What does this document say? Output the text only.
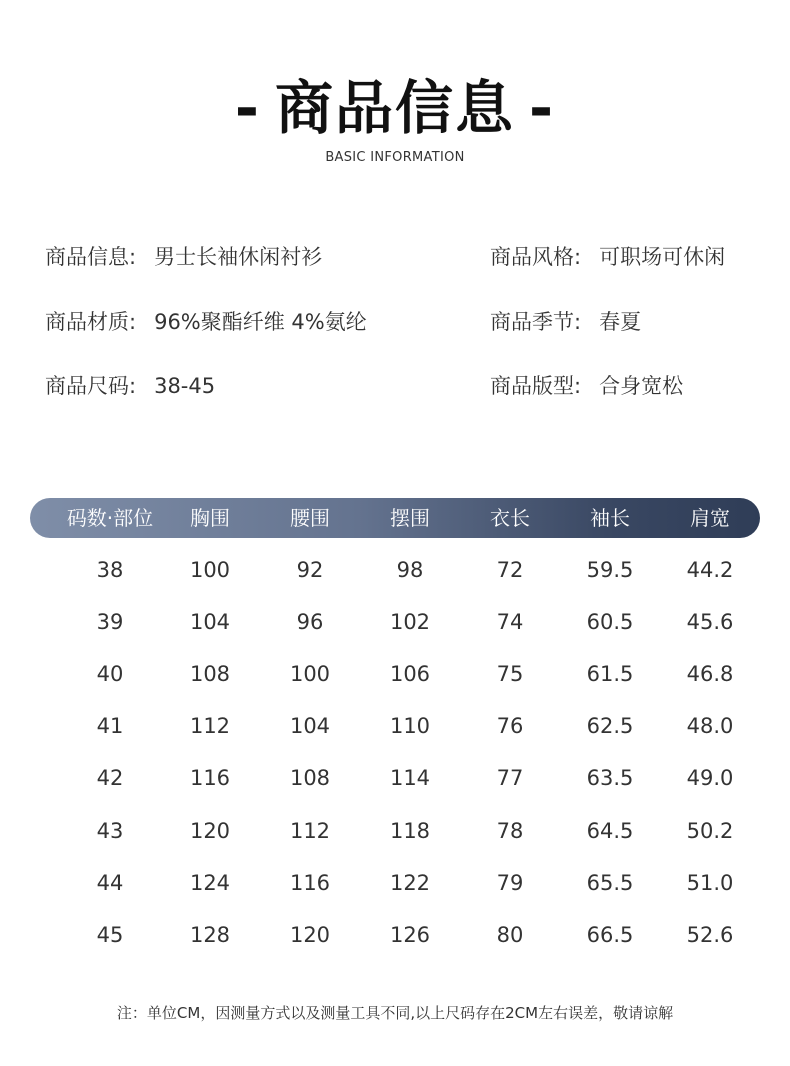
- 商品信息 -
BASIC INFORMATION
商品信息: 男士长袖休闲衬衫	商品风格: 可职场可休闲
商品材质: 96%聚酯纤维 4%氨纶	商品季节: 春夏
商品尺码: 38-45	商品版型: 合身宽松
码数·部位	胸围	腰围	摆围	衣长	袖长	肩宽
38	100	92	98	72	59.5	44.2
39	104	96	102	74	60.5	45.6
40	108	100	106	75	61.5	46.8
41	112	104	110	76	62.5	48.0
42	116	108	114	77	63.5	49.0
43	120	112	118	78	64.5	50.2
44	124	116	122	79	65.5	51.0
45	128	120	126	80	66.5	52.6
注：单位CM，因测量方式以及测量工具不同,以上尺码存在2CM左右误差，敬请谅解
